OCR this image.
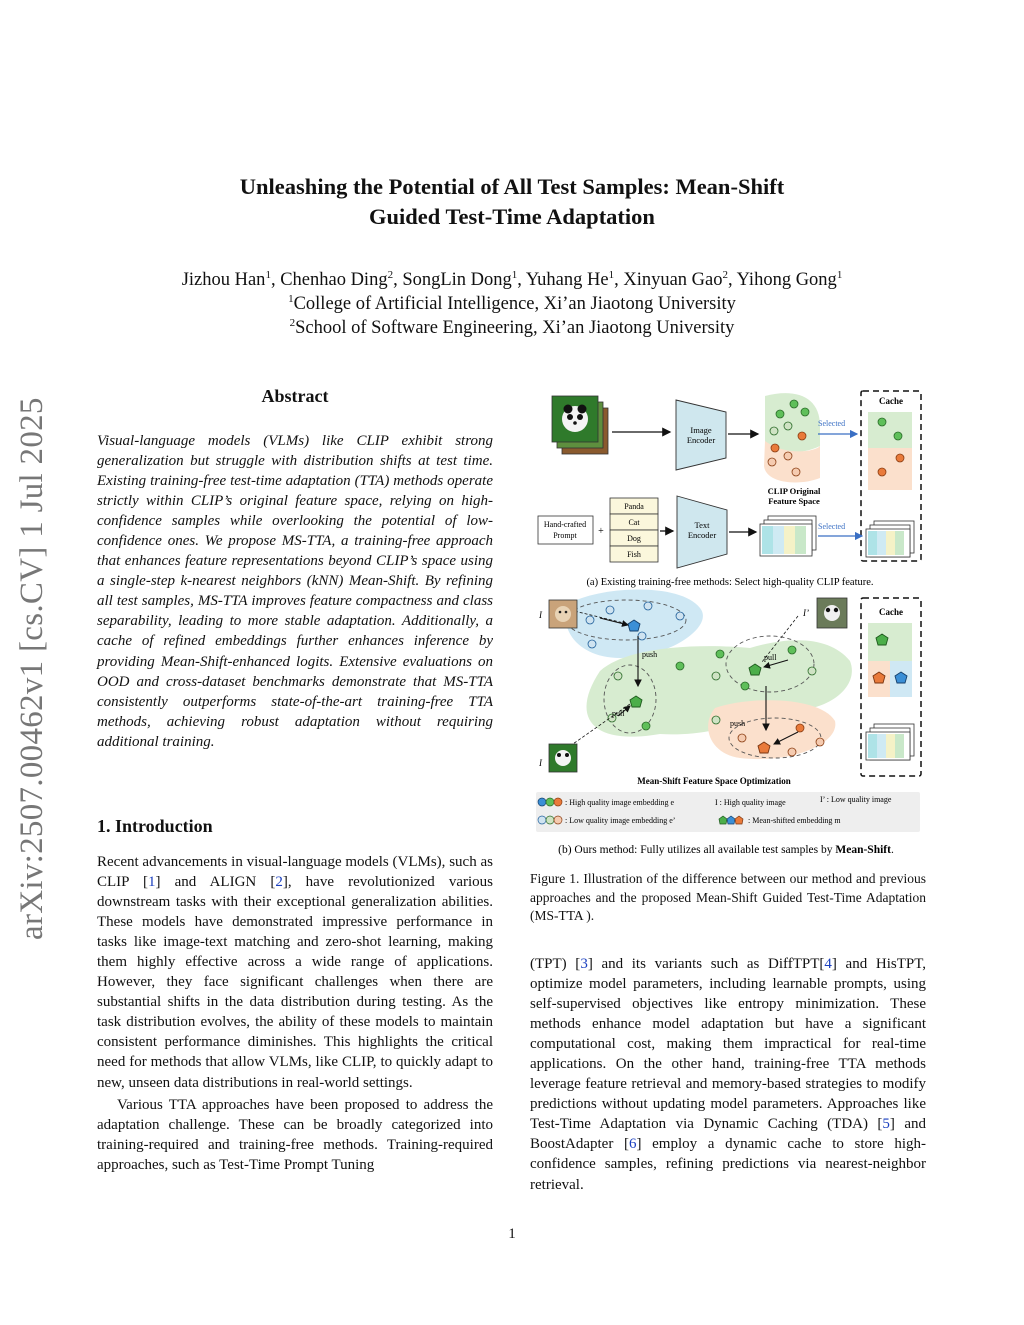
arXiv:2507.00462v1 [cs.CV] 1 Jul 2025
Unleashing the Potential of All Test Samples: Mean-Shift
Guided Test-Time Adaptation
Jizhou Han$^1$, Chenhao Ding$^2$, SongLin Dong$^1$, Yuhang He$^1$, Xinyuan Gao$^2$, Yihong Gong$^1$
$^1$College of Artificial Intelligence, Xi’an Jiaotong University
$^2$School of Software Engineering, Xi’an Jiaotong University
Abstract
Visual-language models (VLMs) like CLIP exhibit strong generalization but struggle with distribution shifts at test time. Existing training-free test-time adaptation (TTA) methods operate strictly within CLIP’s original feature space, relying on high-confidence samples while overlooking the potential of low-confidence ones. We propose MS-TTA, a training-free approach that enhances feature representations beyond CLIP’s space using a single-step k-nearest neighbors (kNN) Mean-Shift. By refining all test samples, MS-TTA improves feature compactness and class separability, leading to more stable adaptation. Additionally, a cache of refined embeddings further enhances inference by providing Mean-Shift-enhanced logits. Extensive evaluations on OOD and cross-dataset benchmarks demonstrate that MS-TTA consistently outperforms state-of-the-art training-free TTA methods, achieving robust adaptation without requiring additional training.
1. Introduction

Recent advancements in visual-language models (VLMs), such as CLIP [1] and ALIGN [2], have revolutionized various downstream tasks with their exceptional generalization abilities. These models have demonstrated impressive performance in tasks like image-text matching and zero-shot learning, making them highly effective across a wide range of applications. However, they face significant challenges when there are substantial shifts in the data distribution during testing. As the task distribution evolves, the ability of these models to maintain consistent performance diminishes. This highlights the critical need for methods that allow VLMs, like CLIP, to quickly adapt to new, unseen data distributions in real-world settings.

Various TTA approaches have been proposed to address the adaptation challenge. These can be broadly categorized into training-required and training-free methods. Training-required approaches, such as Test-Time Prompt Tuning

Image
Encoder
CLIP Original
Feature Space
Selected
Cache
Hand-crafted
Prompt +
Panda
Cat
Dog
Fish
Text
Encoder
Selected
(a) Existing training-free methods: Select high-quality CLIP feature.
push
push
pull
pull
I	I’
I
Cache
Mean-Shift Feature Space Optimization
: High quality image embedding e	I : High quality image	I’ : Low quality image
: Low quality image embedding e’	: Mean-shifted embedding m
(b) Ours method: Fully utilizes all available test samples by Mean-Shift.
Figure 1. Illustration of the difference between our method and previous approaches and the proposed Mean-Shift Guided Test-Time Adaptation (MS-TTA ).
(TPT) [3] and its variants such as DiffTPT[4] and HisTPT, optimize model parameters, including learnable prompts, using self-supervised objectives like entropy minimization. These methods enhance model adaptation but have a significant computational cost, making them impractical for real-time applications. On the other hand, training-free TTA methods leverage feature retrieval and memory-based strategies to modify predictions without updating model parameters. Approaches like Test-Time Adaptation via Dynamic Caching (TDA) [5] and BoostAdapter [6] employ a dynamic cache to store high-confidence samples, refining predictions via nearest-neighbor retrieval.
1
